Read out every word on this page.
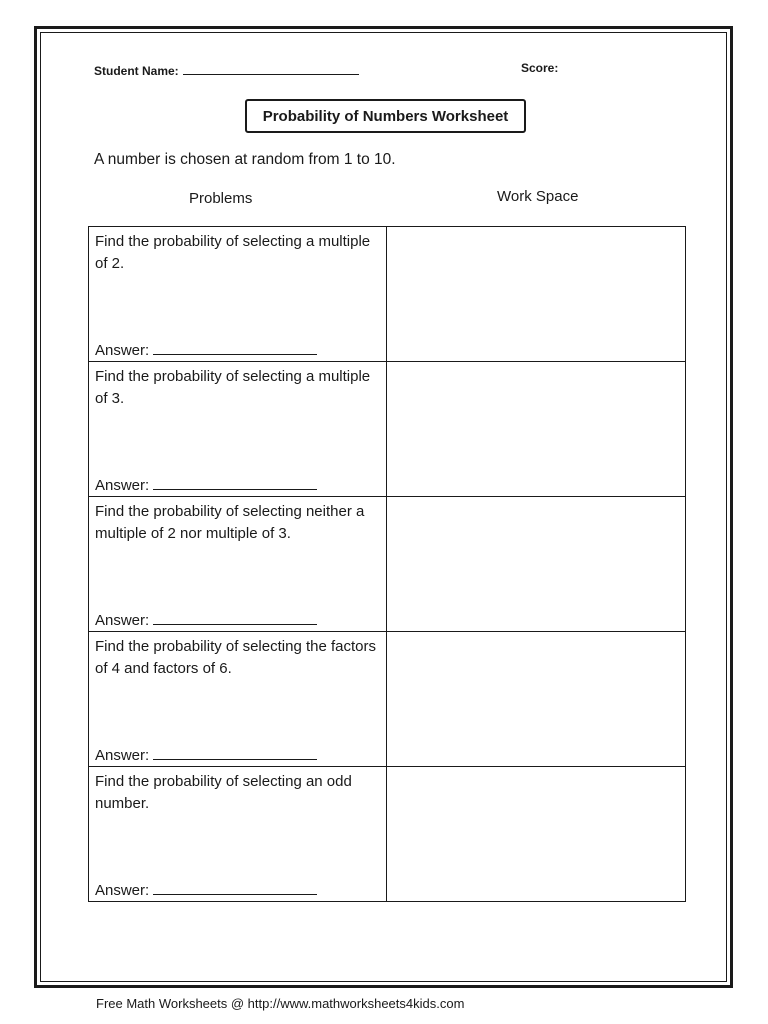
Student Name:	Score:
Probability of Numbers Worksheet
A number is chosen at random from 1 to 10.
Problems	Work Space
Find the probability of selecting a multiple of 2.
Answer:
Find the probability of selecting a multiple of 3.
Answer:
Find the probability of selecting neither a multiple of 2 nor multiple of 3.
Answer:
Find the probability of selecting the factors of 4 and factors of 6.
Answer:
Find the probability of selecting an odd number.
Answer:
Free Math Worksheets @ http://www.mathworksheets4kids.com
